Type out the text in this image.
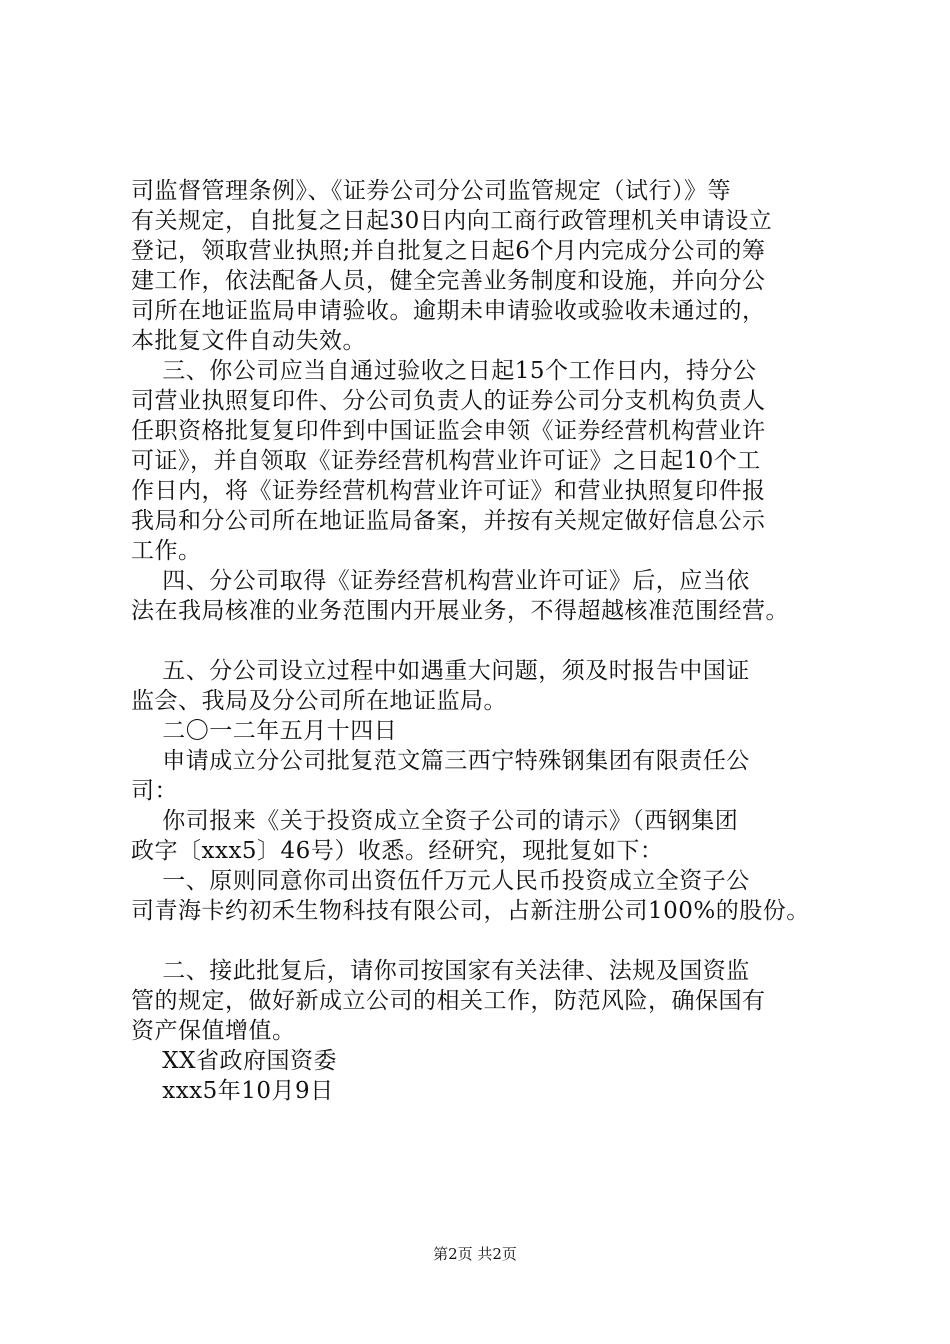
司监督管理条例》、《证券公司分公司监管规定（试行）》等
有关规定，自批复之日起30日内向工商行政管理机关申请设立
登记，领取营业执照;并自批复之日起6个月内完成分公司的筹
建工作，依法配备人员，健全完善业务制度和设施，并向分公
司所在地证监局申请验收。逾期未申请验收或验收未通过的，
本批复文件自动失效。
三、你公司应当自通过验收之日起15个工作日内，持分公
司营业执照复印件、分公司负责人的证券公司分支机构负责人
任职资格批复复印件到中国证监会申领《证券经营机构营业许
可证》，并自领取《证券经营机构营业许可证》之日起10个工
作日内，将《证券经营机构营业许可证》和营业执照复印件报
我局和分公司所在地证监局备案，并按有关规定做好信息公示
工作。
四、分公司取得《证券经营机构营业许可证》后，应当依
法在我局核准的业务范围内开展业务，不得超越核准范围经营。
五、分公司设立过程中如遇重大问题，须及时报告中国证
监会、我局及分公司所在地证监局。
二〇一二年五月十四日
申请成立分公司批复范文篇三西宁特殊钢集团有限责任公
司：
你司报来《关于投资成立全资子公司的请示》（西钢集团
政字〔xxx5〕46号）收悉。经研究，现批复如下：
一、原则同意你司出资伍仟万元人民币投资成立全资子公
司青海卡约初禾生物科技有限公司，占新注册公司100%的股份。
二、接此批复后，请你司按国家有关法律、法规及国资监
管的规定，做好新成立公司的相关工作，防范风险，确保国有
资产保值增值。
XX省政府国资委
xxx5年10月9日
第2页 共2页
